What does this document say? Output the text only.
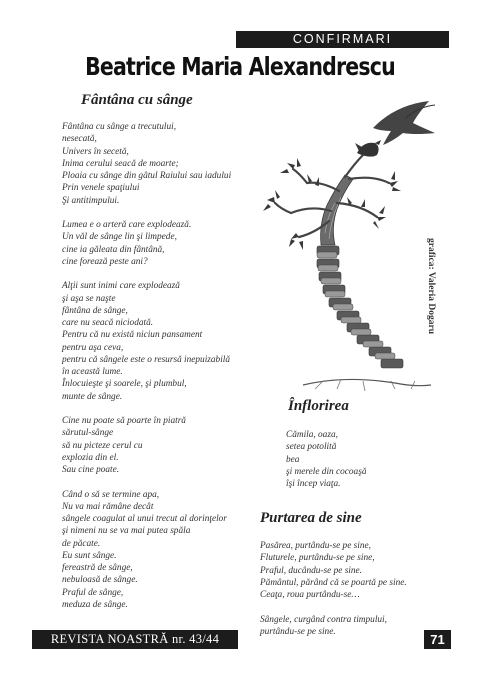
CONFIRMARI
Beatrice Maria Alexandrescu
Fântâna cu sânge
Fântâna cu sânge a trecutului,
nesecată,
Univers în secetă,
Inima cerului seacă de moarte;
Ploaia cu sânge din gâtul Raiului sau iadului
Prin venele spaţiului
Şi antitimpului.
Lumea e o arteră care explodează.
Un văl de sânge lin şi limpede,
cine ia găleata din fântână,
cine forează peste ani?
Alţii sunt inimi care explodează
şi aşa se naşte
fântâna de sânge,
care nu seacă niciodată.
Pentru că nu există niciun pansament
pentru aşa ceva,
pentru că sângele este o resursă inepuizabilă
în această lume.
Înlocuieşte şi soarele, şi plumbul,
munte de sânge.
Cine nu poate să poarte în piatră
sărutul-sânge
să nu picteze cerul cu
explozia din el.
Sau cine poate.
Când o să se termine apa,
Nu va mai rămâne decât
sângele coagulat al unui trecut al dorinţelor
şi nimeni nu se va mai putea spăla
de păcate.
Eu sunt sânge.
fereastră de sânge,
nebuloasă de sânge.
Praful de sânge,
meduza de sânge.
grafica: Valeria Dogaru
Înflorirea
Cămila, oaza,
setea potolită
bea
şi merele din cocoaşă
îşi încep viaţa.
Purtarea de sine
Pasărea, purtându-se pe sine,
Fluturele, purtându-se pe sine,
Praful, ducându-se pe sine.
Pământul, părând că se poartă pe sine.
Ceaţa, roua purtându-se…
Sângele, curgând contra timpului,
purtându-se pe sine.
REVISTA NOASTRĂ nr. 43/44	71
